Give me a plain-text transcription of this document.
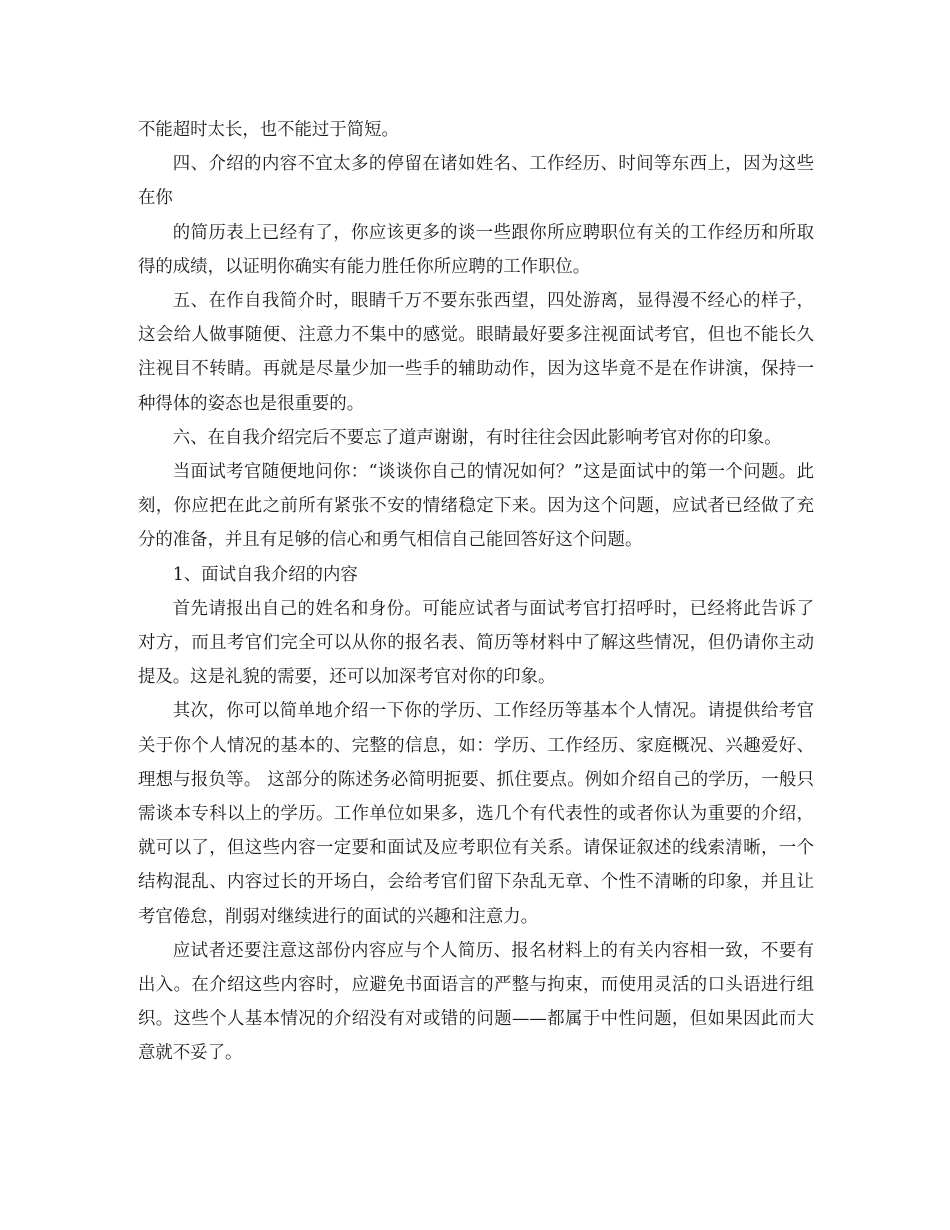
不能超时太长，也不能过于简短。

四、介绍的内容不宜太多的停留在诸如姓名、工作经历、时间等东西上，因为这些在你

的简历表上已经有了，你应该更多的谈一些跟你所应聘职位有关的工作经历和所取得的成绩，以证明你确实有能力胜任你所应聘的工作职位。

五、在作自我简介时，眼睛千万不要东张西望，四处游离，显得漫不经心的样子，这会给人做事随便、注意力不集中的感觉。眼睛最好要多注视面试考官，但也不能长久注视目不转睛。再就是尽量少加一些手的辅助动作，因为这毕竟不是在作讲演，保持一种得体的姿态也是很重要的。

六、在自我介绍完后不要忘了道声谢谢，有时往往会因此影响考官对你的印象。

当面试考官随便地问你：“谈谈你自己的情况如何？”这是面试中的第一个问题。此刻，你应把在此之前所有紧张不安的情绪稳定下来。因为这个问题，应试者已经做了充分的准备，并且有足够的信心和勇气相信自己能回答好这个问题。

1、面试自我介绍的内容

首先请报出自己的姓名和身份。可能应试者与面试考官打招呼时，已经将此告诉了对方，而且考官们完全可以从你的报名表、简历等材料中了解这些情况，但仍请你主动提及。这是礼貌的需要，还可以加深考官对你的印象。

其次，你可以简单地介绍一下你的学历、工作经历等基本个人情况。请提供给考官关于你个人情况的基本的、完整的信息，如：学历、工作经历、家庭概况、兴趣爱好、理想与报负等。 这部分的陈述务必简明扼要、抓住要点。例如介绍自己的学历，一般只需谈本专科以上的学历。工作单位如果多，选几个有代表性的或者你认为重要的介绍，就可以了，但这些内容一定要和面试及应考职位有关系。请保证叙述的线索清晰，一个结构混乱、内容过长的开场白，会给考官们留下杂乱无章、个性不清晰的印象，并且让考官倦怠，削弱对继续进行的面试的兴趣和注意力。

应试者还要注意这部份内容应与个人简历、报名材料上的有关内容相一致，不要有出入。在介绍这些内容时，应避免书面语言的严整与拘束，而使用灵活的口头语进行组织。这些个人基本情况的介绍没有对或错的问题——都属于中性问题，但如果因此而大意就不妥了。
